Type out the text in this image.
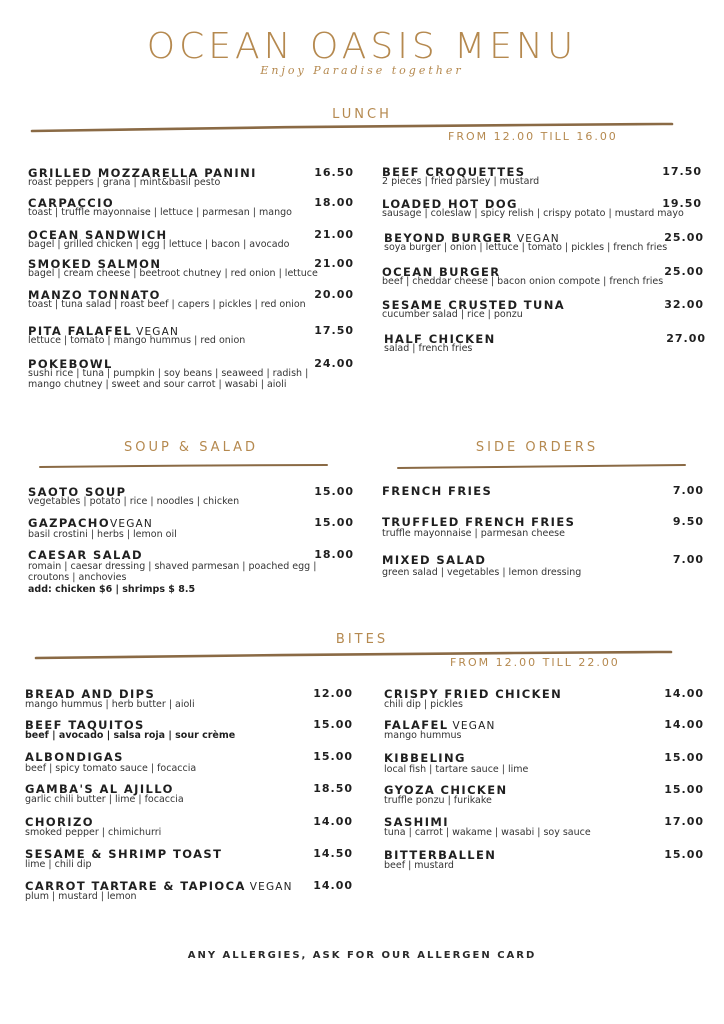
OCEAN OASIS MENU
Enjoy Paradise together
LUNCH
FROM 12.00 TILL 16.00
GRILLED MOZZARELLA PANINI	16.50
roast peppers | grana | mint&basil pesto
CARPACCIO	18.00
toast | truffle mayonnaise | lettuce | parmesan | mango
OCEAN SANDWICH	21.00
bagel | grilled chicken | egg | lettuce | bacon | avocado
SMOKED SALMON	21.00
bagel | cream cheese | beetroot chutney | red onion | lettuce
MANZO TONNATO	20.00
toast | tuna salad | roast beef | capers | pickles | red onion
PITA FALAFEL VEGAN	17.50
lettuce | tomato | mango hummus | red onion
POKEBOWL	24.00
sushi rice | tuna | pumpkin | soy beans | seaweed | radish |
mango chutney | sweet and sour carrot | wasabi | aioli
BEEF CROQUETTES	17.50
2 pieces | fried parsley | mustard
LOADED HOT DOG	19.50
sausage | coleslaw | spicy relish | crispy potato | mustard mayo
BEYOND BURGER VEGAN	25.00
soya burger | onion | lettuce | tomato | pickles | french fries
OCEAN BURGER	25.00
beef | cheddar cheese | bacon onion compote | french fries
SESAME CRUSTED TUNA	32.00
cucumber salad | rice | ponzu
HALF CHICKEN	27.00
salad | french fries
SOUP & SALAD
SAOTO SOUP	15.00
vegetables | potato | rice | noodles | chicken
GAZPACHOVEGAN	15.00
basil crostini | herbs | lemon oil
CAESAR SALAD	18.00
romain | caesar dressing | shaved parmesan | poached egg |
croutons | anchovies
add: chicken $6 | shrimps $ 8.5
SIDE ORDERS
FRENCH FRIES	7.00
TRUFFLED FRENCH FRIES	9.50
truffle mayonnaise | parmesan cheese
MIXED SALAD	7.00
green salad | vegetables | lemon dressing
BITES
FROM 12.00 TILL 22.00
BREAD AND DIPS	12.00
mango hummus | herb butter | aioli
BEEF TAQUITOS	15.00
beef | avocado | salsa roja | sour crème
ALBONDIGAS	15.00
beef | spicy tomato sauce | focaccia
GAMBA'S AL AJILLO	18.50
garlic chili butter | lime | focaccia
CHORIZO	14.00
smoked pepper | chimichurri
SESAME & SHRIMP TOAST	14.50
lime | chili dip
CARROT TARTARE & TAPIOCA VEGAN 14.00
plum | mustard | lemon
CRISPY FRIED CHICKEN	14.00
chili dip | pickles
FALAFEL VEGAN	14.00
mango hummus
KIBBELING	15.00
local fish | tartare sauce | lime
GYOZA CHICKEN	15.00
truffle ponzu | furikake
SASHIMI	17.00
tuna | carrot | wakame | wasabi | soy sauce
BITTERBALLEN	15.00
beef | mustard
ANY ALLERGIES, ASK FOR OUR ALLERGEN CARD
